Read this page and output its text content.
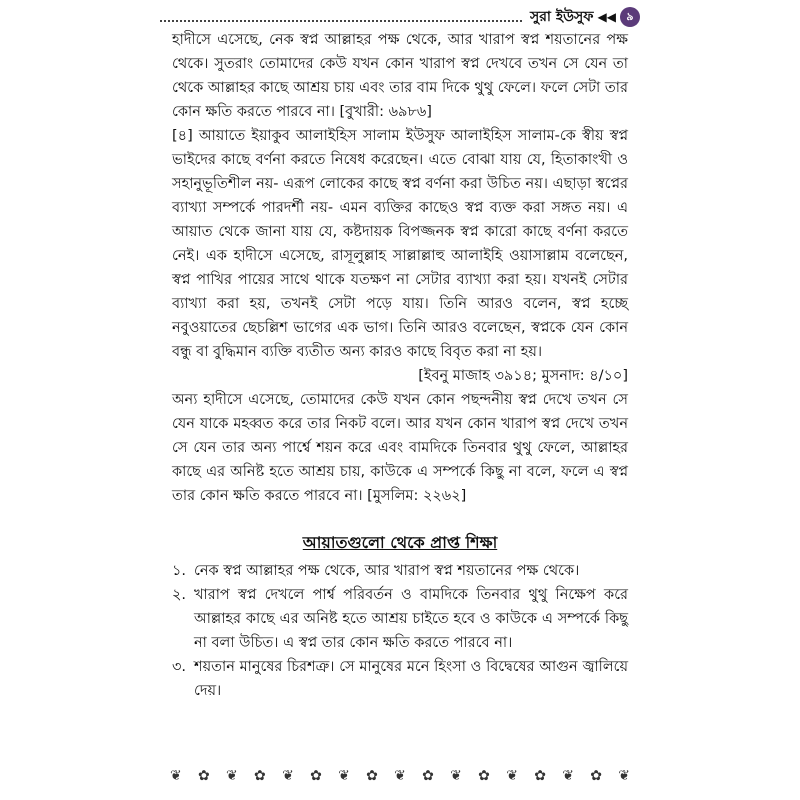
সুরা ইউসুফ ◀◀ ৯

হাদীসে এসেছে, নেক স্বপ্ন আল্লাহর পক্ষ থেকে, আর খারাপ স্বপ্ন শয়তানের পক্ষ থেকে। সুতরাং তোমাদের কেউ যখন কোন খারাপ স্বপ্ন দেখবে তখন সে যেন তা থেকে আল্লাহর কাছে আশ্রয় চায় এবং তার বাম দিকে থুথু ফেলে। ফলে সেটা তার কোন ক্ষতি করতে পারবে না। [বুখারী: ৬৯৮৬]

[৪] আয়াতে ইয়াকুব আলাইহিস সালাম ইউসুফ আলাইহিস সালাম-কে স্বীয় স্বপ্ন ভাইদের কাছে বর্ণনা করতে নিষেধ করেছেন। এতে বোঝা যায় যে, হিতাকাংখী ও সহানুভূতিশীল নয়- এরূপ লোকের কাছে স্বপ্ন বর্ণনা করা উচিত নয়। এছাড়া স্বপ্নের ব্যাখ্যা সম্পর্কে পারদর্শী নয়- এমন ব্যক্তির কাছেও স্বপ্ন ব্যক্ত করা সঙ্গত নয়। এ আয়াত থেকে জানা যায় যে, কষ্টদায়ক বিপজ্জনক স্বপ্ন কারো কাছে বর্ণনা করতে নেই। এক হাদীসে এসেছে, রাসূলুল্লাহ সাল্লাল্লাহু আলাইহি ওয়াসাল্লাম বলেছেন, স্বপ্ন পাখির পায়ের সাথে থাকে যতক্ষণ না সেটার ব্যাখ্যা করা হয়। যখনই সেটার ব্যাখ্যা করা হয়, তখনই সেটা পড়ে যায়। তিনি আরও বলেন, স্বপ্ন হচ্ছে নবুওয়াতের ছেচল্লিশ ভাগের এক ভাগ। তিনি আরও বলেছেন, স্বপ্নকে যেন কোন বন্ধু বা বুদ্ধিমান ব্যক্তি ব্যতীত অন্য কারও কাছে বিবৃত করা না হয়।

[ইবনু মাজাহ ৩৯১৪; মুসনাদ: ৪/১০]

অন্য হাদীসে এসেছে, তোমাদের কেউ যখন কোন পছন্দনীয় স্বপ্ন দেখে তখন সে যেন যাকে মহব্বত করে তার নিকট বলে। আর যখন কোন খারাপ স্বপ্ন দেখে তখন সে যেন তার অন্য পার্শ্বে শয়ন করে এবং বামদিকে তিনবার থুথু ফেলে, আল্লাহর কাছে এর অনিষ্ট হতে আশ্রয় চায়, কাউকে এ সম্পর্কে কিছু না বলে, ফলে এ স্বপ্ন তার কোন ক্ষতি করতে পারবে না। [মুসলিম: ২২৬২]

আয়াতগুলো থেকে প্রাপ্ত শিক্ষা
১. নেক স্বপ্ন আল্লাহর পক্ষ থেকে, আর খারাপ স্বপ্ন শয়তানের পক্ষ থেকে।
২. খারাপ স্বপ্ন দেখলে পার্শ্ব পরিবর্তন ও বামদিকে তিনবার থুথু নিক্ষেপ করে আল্লাহর কাছে এর অনিষ্ট হতে আশ্রয় চাইতে হবে ও কাউকে এ সম্পর্কে কিছু না বলা উচিত। এ স্বপ্ন তার কোন ক্ষতি করতে পারবে না।
৩. শয়তান মানুষের চিরশত্রু। সে মানুষের মনে হিংসা ও বিদ্বেষের আগুন জ্বালিয়ে দেয়।
❦ ✿ ❦ ✿ ❦ ✿ ❦ ✿ ❦ ✿ ❦ ✿ ❦ ✿ ❦ ✿ ❦
